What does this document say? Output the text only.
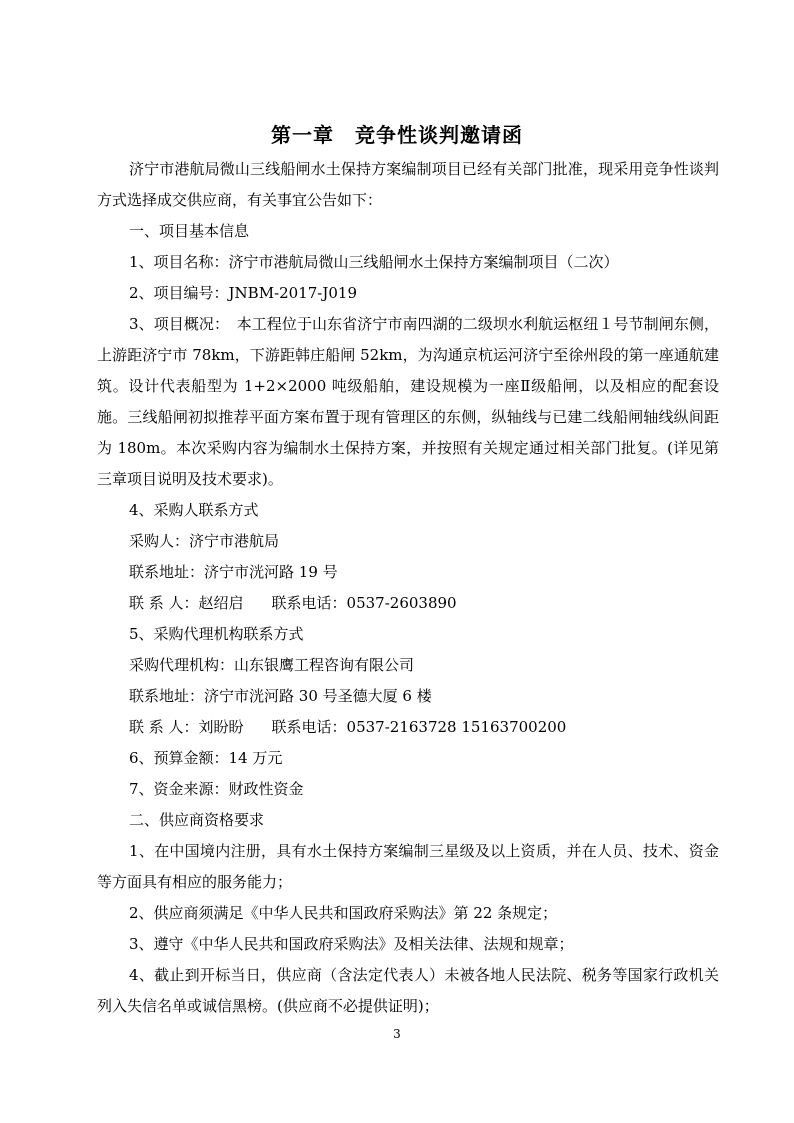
第一章　竞争性谈判邀请函

济宁市港航局微山三线船闸水土保持方案编制项目已经有关部门批准，现采用竞争性谈判方式选择成交供应商，有关事宜公告如下：

一、项目基本信息

1、项目名称：济宁市港航局微山三线船闸水土保持方案编制项目（二次）

2、项目编号：JNBM-2017-J019

3、项目概况：　本工程位于山东省济宁市南四湖的二级坝水利航运枢纽１号节制闸东侧，上游距济宁市 78km，下游距韩庄船闸 52km，为沟通京杭运河济宁至徐州段的第一座通航建筑。设计代表船型为 1+2×2000 吨级船舶，建设规模为一座Ⅱ级船闸，以及相应的配套设施。三线船闸初拟推荐平面方案布置于现有管理区的东侧，纵轴线与已建二线船闸轴线纵间距为 180m。本次采购内容为编制水土保持方案，并按照有关规定通过相关部门批复。(详见第三章项目说明及技术要求)。

4、采购人联系方式

采购人：济宁市港航局

联系地址：济宁市洸河路 19 号

联 系 人：赵绍启 联系电话：0537-2603890

5、采购代理机构联系方式

采购代理机构：山东银鹰工程咨询有限公司

联系地址：济宁市洸河路 30 号圣德大厦 6 楼

联 系 人：刘盼盼 联系电话：0537-2163728 15163700200

6、预算金额：14 万元

7、资金来源：财政性资金

二、供应商资格要求

1、在中国境内注册，具有水土保持方案编制三星级及以上资质，并在人员、技术、资金等方面具有相应的服务能力；

2、供应商须满足《中华人民共和国政府采购法》第 22 条规定；

3、遵守《中华人民共和国政府采购法》及相关法律、法规和规章；

4、截止到开标当日，供应商（含法定代表人）未被各地人民法院、税务等国家行政机关列入失信名单或诚信黑榜。(供应商不必提供证明)；

3
